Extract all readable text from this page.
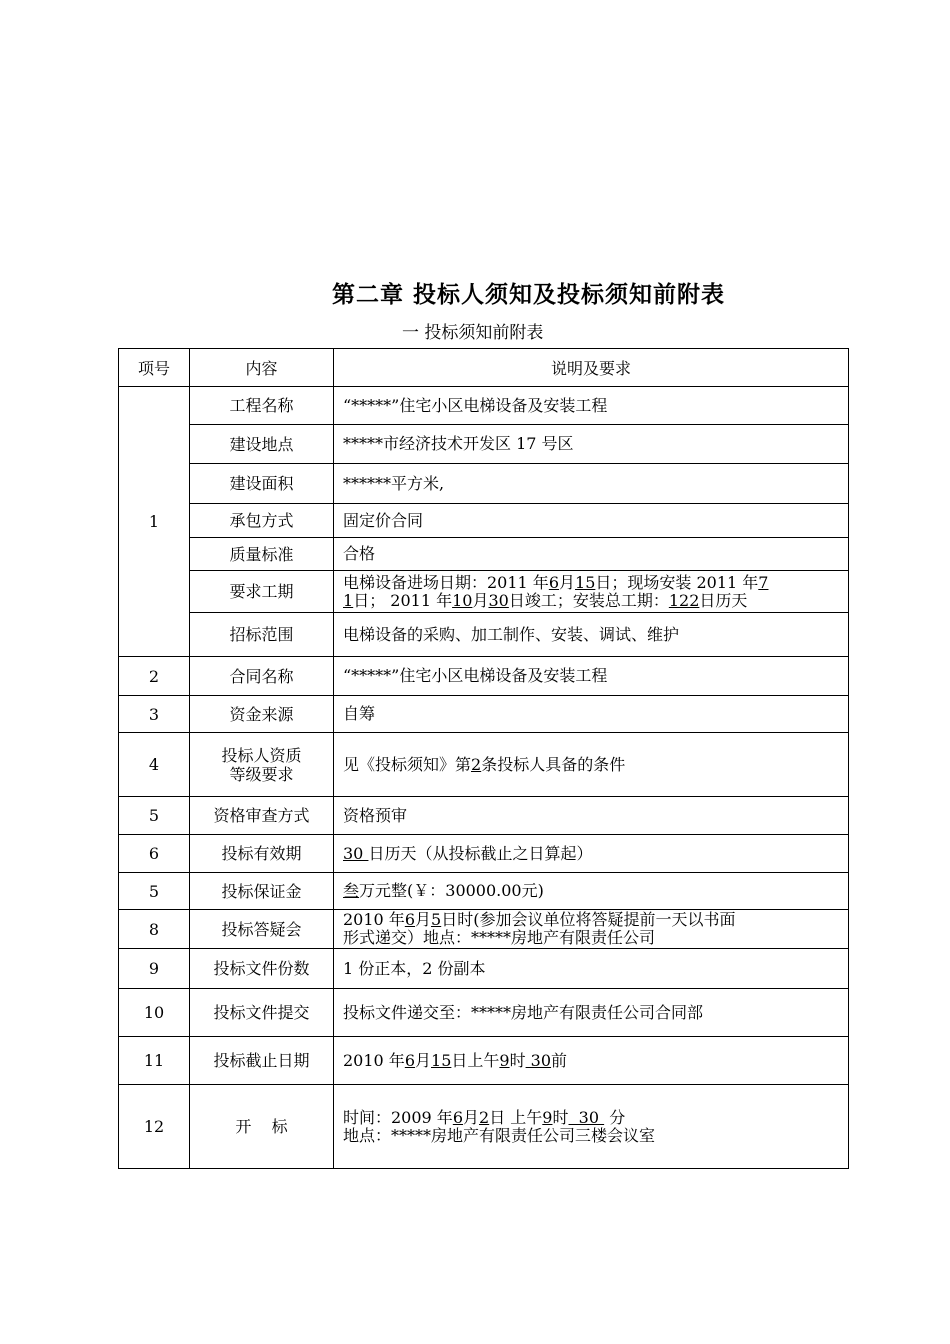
第二章 投标人须知及投标须知前附表
一 投标须知前附表
项号	内容	说明及要求
1	工程名称	“*****”住宅小区电梯设备及安装工程
	建设地点	*****市经济技术开发区 17 号区
	建设面积	******平方米,
	承包方式	固定价合同
	质量标准	合格
	要求工期	电梯设备进场日期：2011 年6月15日；现场安装 2011 年7
1日； 2011 年10月30日竣工；安装总工期：122日历天
	招标范围	电梯设备的采购、加工制作、安装、调试、维护
2	合同名称	“*****”住宅小区电梯设备及安装工程
3	资金来源	自筹
4	投标人资质
等级要求	见《投标须知》第2条投标人具备的条件
5	资格审查方式	资格预审
6	投标有效期	30 日历天（从投标截止之日算起）
5	投标保证金	叁万元整(￥：30000.00元)
8	投标答疑会	2010 年6月5日时(参加会议单位将答疑提前一天以书面
形式递交）地点：*****房地产有限责任公司
9	投标文件份数	1 份正本，2 份副本
10	投标文件提交	投标文件递交至：*****房地产有限责任公司合同部
11	投标截止日期	2010 年6月15日上午9时 30前
12	开    标	时间：2009 年6月2日 上午9时  30  分
地点：*****房地产有限责任公司三楼会议室
